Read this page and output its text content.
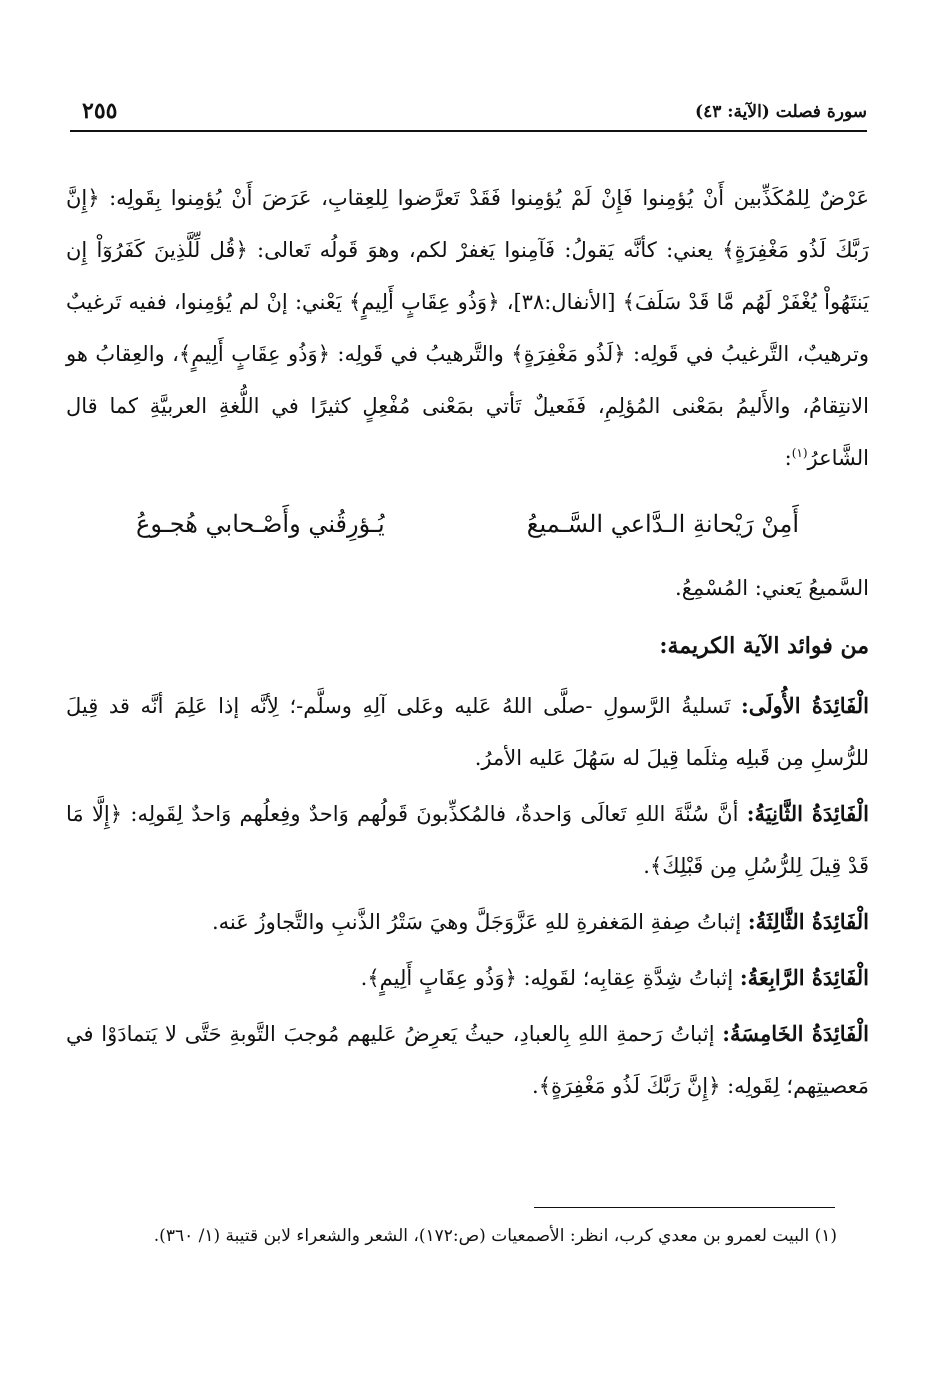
٢٥٥	سورة فصلت (الآية: ٤٣)

عَرْضٌ لِلمُكَذِّبين أَنْ يُؤمِنوا فَإِنْ لَمْ يُؤمِنوا فَقَدْ تَعرَّضوا لِلعِقابِ، عَرَضَ أَنْ يُؤمِنوا بِقَولِه: ﴿إِنَّ رَبَّكَ لَذُو مَغْفِرَةٍ﴾ يعني: كأنَّه يَقولُ: فَآمِنوا يَغفرْ لكم، وهوَ قَولُه تَعالى: ﴿قُل لِّلَّذِينَ كَفَرُوٓاْ إِن يَنتَهُواْ يُغْفَرْ لَهُم مَّا قَدْ سَلَفَ﴾ [الأنفال:٣٨]، ﴿وَذُو عِقَابٍ أَلِيمٍ﴾ يَعْني: إنْ لم يُؤمِنوا، ففيه تَرغيبٌ وترهيبٌ، التَّرغيبُ في قَولِه: ﴿لَذُو مَغْفِرَةٍ﴾ والتَّرهيبُ في قَولِه: ﴿وَذُو عِقَابٍ أَلِيمٍ﴾، والعِقابُ هو الانتِقامُ، والأَليمُ بمَعْنى المُؤلِمِ، فَفَعيلٌ تَأتي بمَعْنى مُفْعِلٍ كثيرًا في اللُّغةِ العربيَّةِ كما قال الشَّاعرُ$^{(١)}$:

أَمِنْ رَيْحانةِ الـدَّاعي السَّـميعُ
يُـؤرِقُني وأَصْـحابي هُجـوعُ

السَّميعُ يَعني: المُسْمِعُ.

من فوائد الآية الكريمة:

الْفَائِدَةُ الأُولَى: تَسليةُ الرَّسولِ -صلَّى اللهُ عَليه وعَلى آلِهِ وسلَّم-؛ لِأنَّه إذا عَلِمَ أنَّه قد قِيلَ للرُّسلِ مِن قَبلِه مِثلَما قِيلَ له سَهُلَ عَليه الأمرُ.

الْفَائِدَةُ الثَّانِيَةُ: أنَّ سُنَّةَ اللهِ تَعالَى وَاحدةٌ، فالمُكذِّبونَ قَولُهم وَاحدٌ وفِعلُهم وَاحدٌ لِقَولِه: ﴿إِلَّا مَا قَدْ قِيلَ لِلرُّسُلِ مِن قَبْلِكَ﴾.

الْفَائِدَةُ الثَّالِثَةُ: إثباتُ صِفةِ المَغفرةِ للهِ عَزَّوَجَلَّ وهيَ سَتْرُ الذَّنبِ والتَّجاوزُ عَنه.

الْفَائِدَةُ الرَّابِعَةُ: إثباتُ شِدَّةِ عِقابِه؛ لقَولِه: ﴿وَذُو عِقَابٍ أَلِيمٍ﴾.

الْفَائِدَةُ الخَامِسَةُ: إثباتُ رَحمةِ اللهِ بِالعبادِ، حيثُ يَعرِضُ عَليهم مُوجبَ التَّوبةِ حَتَّى لا يَتمادَوْا في مَعصيتِهم؛ لِقَولِه: ﴿إِنَّ رَبَّكَ لَذُو مَغْفِرَةٍ﴾.

(١) البيت لعمرو بن معدي كرب، انظر: الأصمعيات (ص:١٧٢)، الشعر والشعراء لابن قتيبة (١/ ٣٦٠).
